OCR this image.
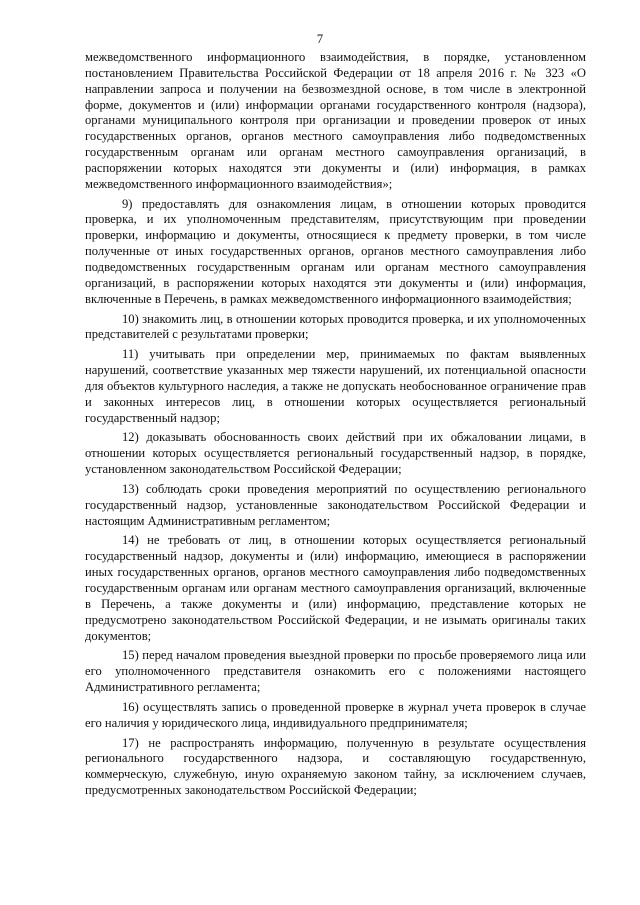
7

межведомственного информационного взаимодействия, в порядке, установленном постановлением Правительства Российской Федерации от 18 апреля 2016 г. № 323 «О направлении запроса и получении на безвозмездной основе, в том числе в электронной форме, документов и (или) информации органами государственного контроля (надзора), органами муниципального контроля при организации и проведении проверок от иных государственных органов, органов местного самоуправления либо подведомственных государственным органам или органам местного самоуправления организаций, в распоряжении которых находятся эти документы и (или) информация, в рамках межведомственного информационного взаимодействия»;

9) предоставлять для ознакомления лицам, в отношении которых проводится проверка, и их уполномоченным представителям, присутствующим при проведении проверки, информацию и документы, относящиеся к предмету проверки, в том числе полученные от иных государственных органов, органов местного самоуправления либо подведомственных государственным органам или органам местного самоуправления организаций, в распоряжении которых находятся эти документы и (или) информация, включенные в Перечень, в рамках межведомственного информационного взаимодействия;

10) знакомить лиц, в отношении которых проводится проверка, и их уполномоченных представителей с результатами проверки;

11) учитывать при определении мер, принимаемых по фактам выявленных нарушений, соответствие указанных мер тяжести нарушений, их потенциальной опасности для объектов культурного наследия, а также не допускать необоснованное ограничение прав и законных интересов лиц, в отношении которых осуществляется региональный государственный надзор;

12) доказывать обоснованность своих действий при их обжаловании лицами, в отношении которых осуществляется региональный государственный надзор, в порядке, установленном законодательством Российской Федерации;

13) соблюдать сроки проведения мероприятий по осуществлению регионального государственный надзор, установленные законодательством Российской Федерации и настоящим Административным регламентом;

14) не требовать от лиц, в отношении которых осуществляется региональный государственный надзор, документы и (или) информацию, имеющиеся в распоряжении иных государственных органов, органов местного самоуправления либо подведомственных государственным органам или органам местного самоуправления организаций, включенные в Перечень, а также документы и (или) информацию, представление которых не предусмотрено законодательством Российской Федерации, и не изымать оригиналы таких документов;

15) перед началом проведения выездной проверки по просьбе проверяемого лица или его уполномоченного представителя ознакомить его с положениями настоящего Административного регламента;

16) осуществлять запись о проведенной проверке в журнал учета проверок в случае его наличия у юридического лица, индивидуального предпринимателя;

17) не распространять информацию, полученную в результате осуществления регионального государственного надзора, и составляющую государственную, коммерческую, служебную, иную охраняемую законом тайну, за исключением случаев, предусмотренных законодательством Российской Федерации;
